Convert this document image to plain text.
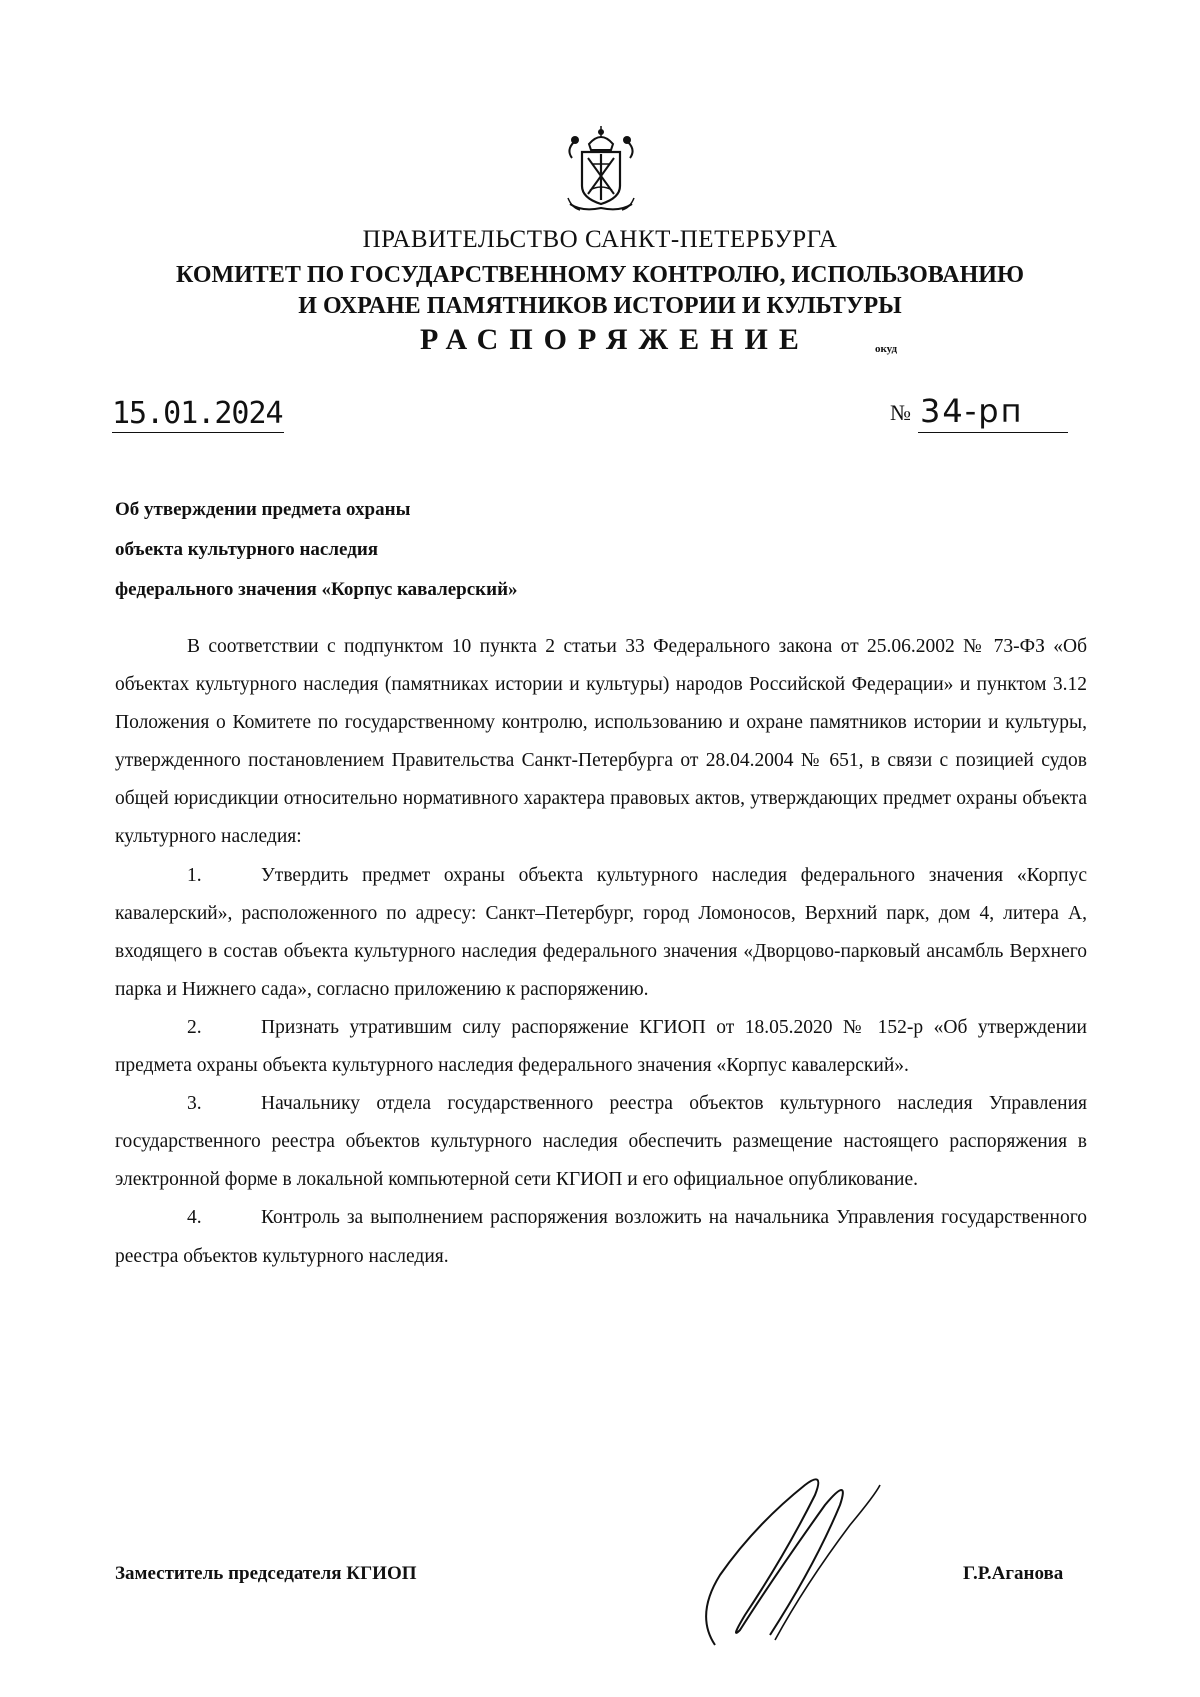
ПРАВИТЕЛЬСТВО САНКТ-ПЕТЕРБУРГА
КОМИТЕТ ПО ГОСУДАРСТВЕННОМУ КОНТРОЛЮ, ИСПОЛЬЗОВАНИЮ
И ОХРАНЕ ПАМЯТНИКОВ ИСТОРИИ И КУЛЬТУРЫ
РАСПОРЯЖЕНИЕ	окуд
15.01.2024	№ 34-рп
Об утверждении предмета охраны
объекта культурного наследия
федерального значения «Корпус кавалерский»

В соответствии с подпунктом 10 пункта 2 статьи 33 Федерального закона от 25.06.2002 № 73-ФЗ «Об объектах культурного наследия (памятниках истории и культуры) народов Российской Федерации» и пунктом 3.12 Положения о Комитете по государственному контролю, использованию и охране памятников истории и культуры, утвержденного постановлением Правительства Санкт-Петербурга от 28.04.2004 № 651, в связи с позицией судов общей юрисдикции относительно нормативного характера правовых актов, утверждающих предмет охраны объекта культурного наследия:

1.	Утвердить предмет охраны объекта культурного наследия федерального значения «Корпус кавалерский», расположенного по адресу: Санкт–Петербург, город Ломоносов, Верхний парк, дом 4, литера А, входящего в состав объекта культурного наследия федерального значения «Дворцово-парковый ансамбль Верхнего парка и Нижнего сада», согласно приложению к распоряжению.

2.	Признать утратившим силу распоряжение КГИОП от 18.05.2020 № 152-р «Об утверждении предмета охраны объекта культурного наследия федерального значения «Корпус кавалерский».

3.	Начальнику отдела государственного реестра объектов культурного наследия Управления государственного реестра объектов культурного наследия обеспечить размещение настоящего распоряжения в электронной форме в локальной компьютерной сети КГИОП и его официальное опубликование.

4.	Контроль за выполнением распоряжения возложить на начальника Управления государственного реестра объектов культурного наследия.

Заместитель председателя КГИОП	Г.Р.Аганова
